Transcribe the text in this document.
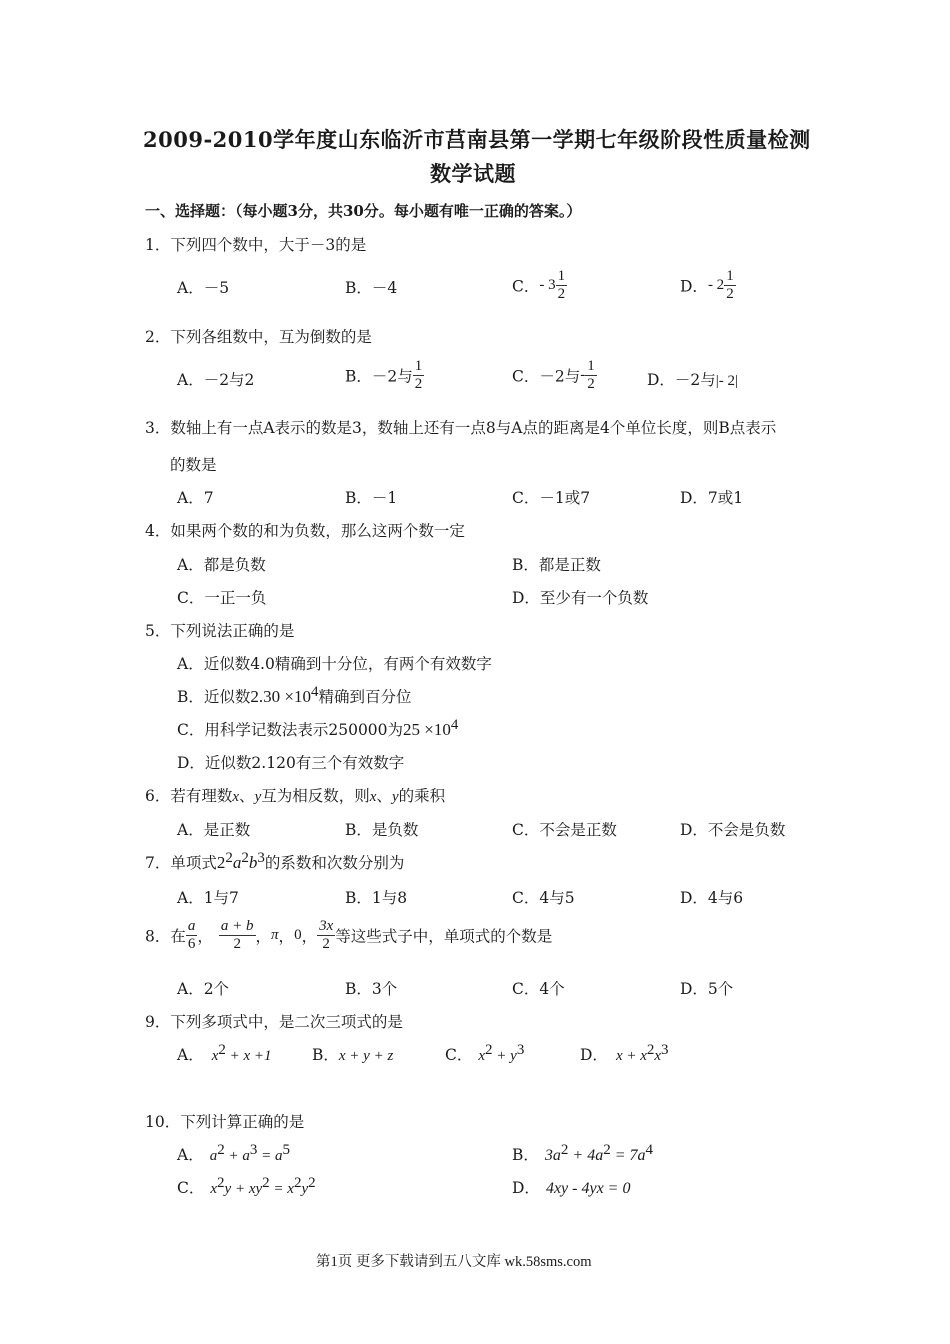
2009-2010学年度山东临沂市莒南县第一学期七年级阶段性质量检测
数学试题
一、选择题：（每小题3分，共30分。每小题有唯一正确的答案。）
1．下列四个数中，大于－3的是
A．－5	B．－4	C．- $3 \frac{1}{2}$	D．- $2 \frac{1}{2}$
2．下列各组数中，互为倒数的是
A．－2与2	B．－2与 $\frac{1}{2}$	C．－2与- $\frac{1}{2}$	D．－2与|- 2|
3．数轴上有一点A表示的数是3，数轴上还有一点8与A点的距离是4个单位长度，则B点表示
的数是
A．7	B．－1	C．－1或7	D．7或1
4．如果两个数的和为负数，那么这两个数一定
A．都是负数	B．都是正数
C．一正一负	D．至少有一个负数
5．下列说法正确的是
A．近似数4.0精确到十分位，有两个有效数字
B．近似数$2.30 \times 10^4$精确到百分位
C．用科学记数法表示250000为$25 \times 10^4$
D．近似数2.120有三个有效数字
6．若有理数x、y互为相反数，则x、y的乘积
A．是正数	B．是负数	C．不会是正数	D．不会是负数
7．单项式$2^2a^2b^3$的系数和次数分别为
A．1与7	B．1与8	C．4与5	D．4与6
8．在 $\frac{a}{6}$ ， $\frac{a + b}{2}$ ，π，0， $\frac{3x}{2}$ 等这些式子中，单项式的个数是
A．2个	B．3个	C．4个	D．5个
9．下列多项式中，是二次三项式的是
A． $x^2 + x +1$	B．x + y + z	C． $x^2 + y^3$	D． $x + x^2x^3$
10．下列计算正确的是
A． $a^2 + a^3 = a^5$	B． $3a^2 + 4a^2 = 7a^4$
C． $x^2y + xy^2 = x^2y^2$	D． 4xy - 4yx = 0
第1页 更多下载请到五八文库 wk.58sms.com
